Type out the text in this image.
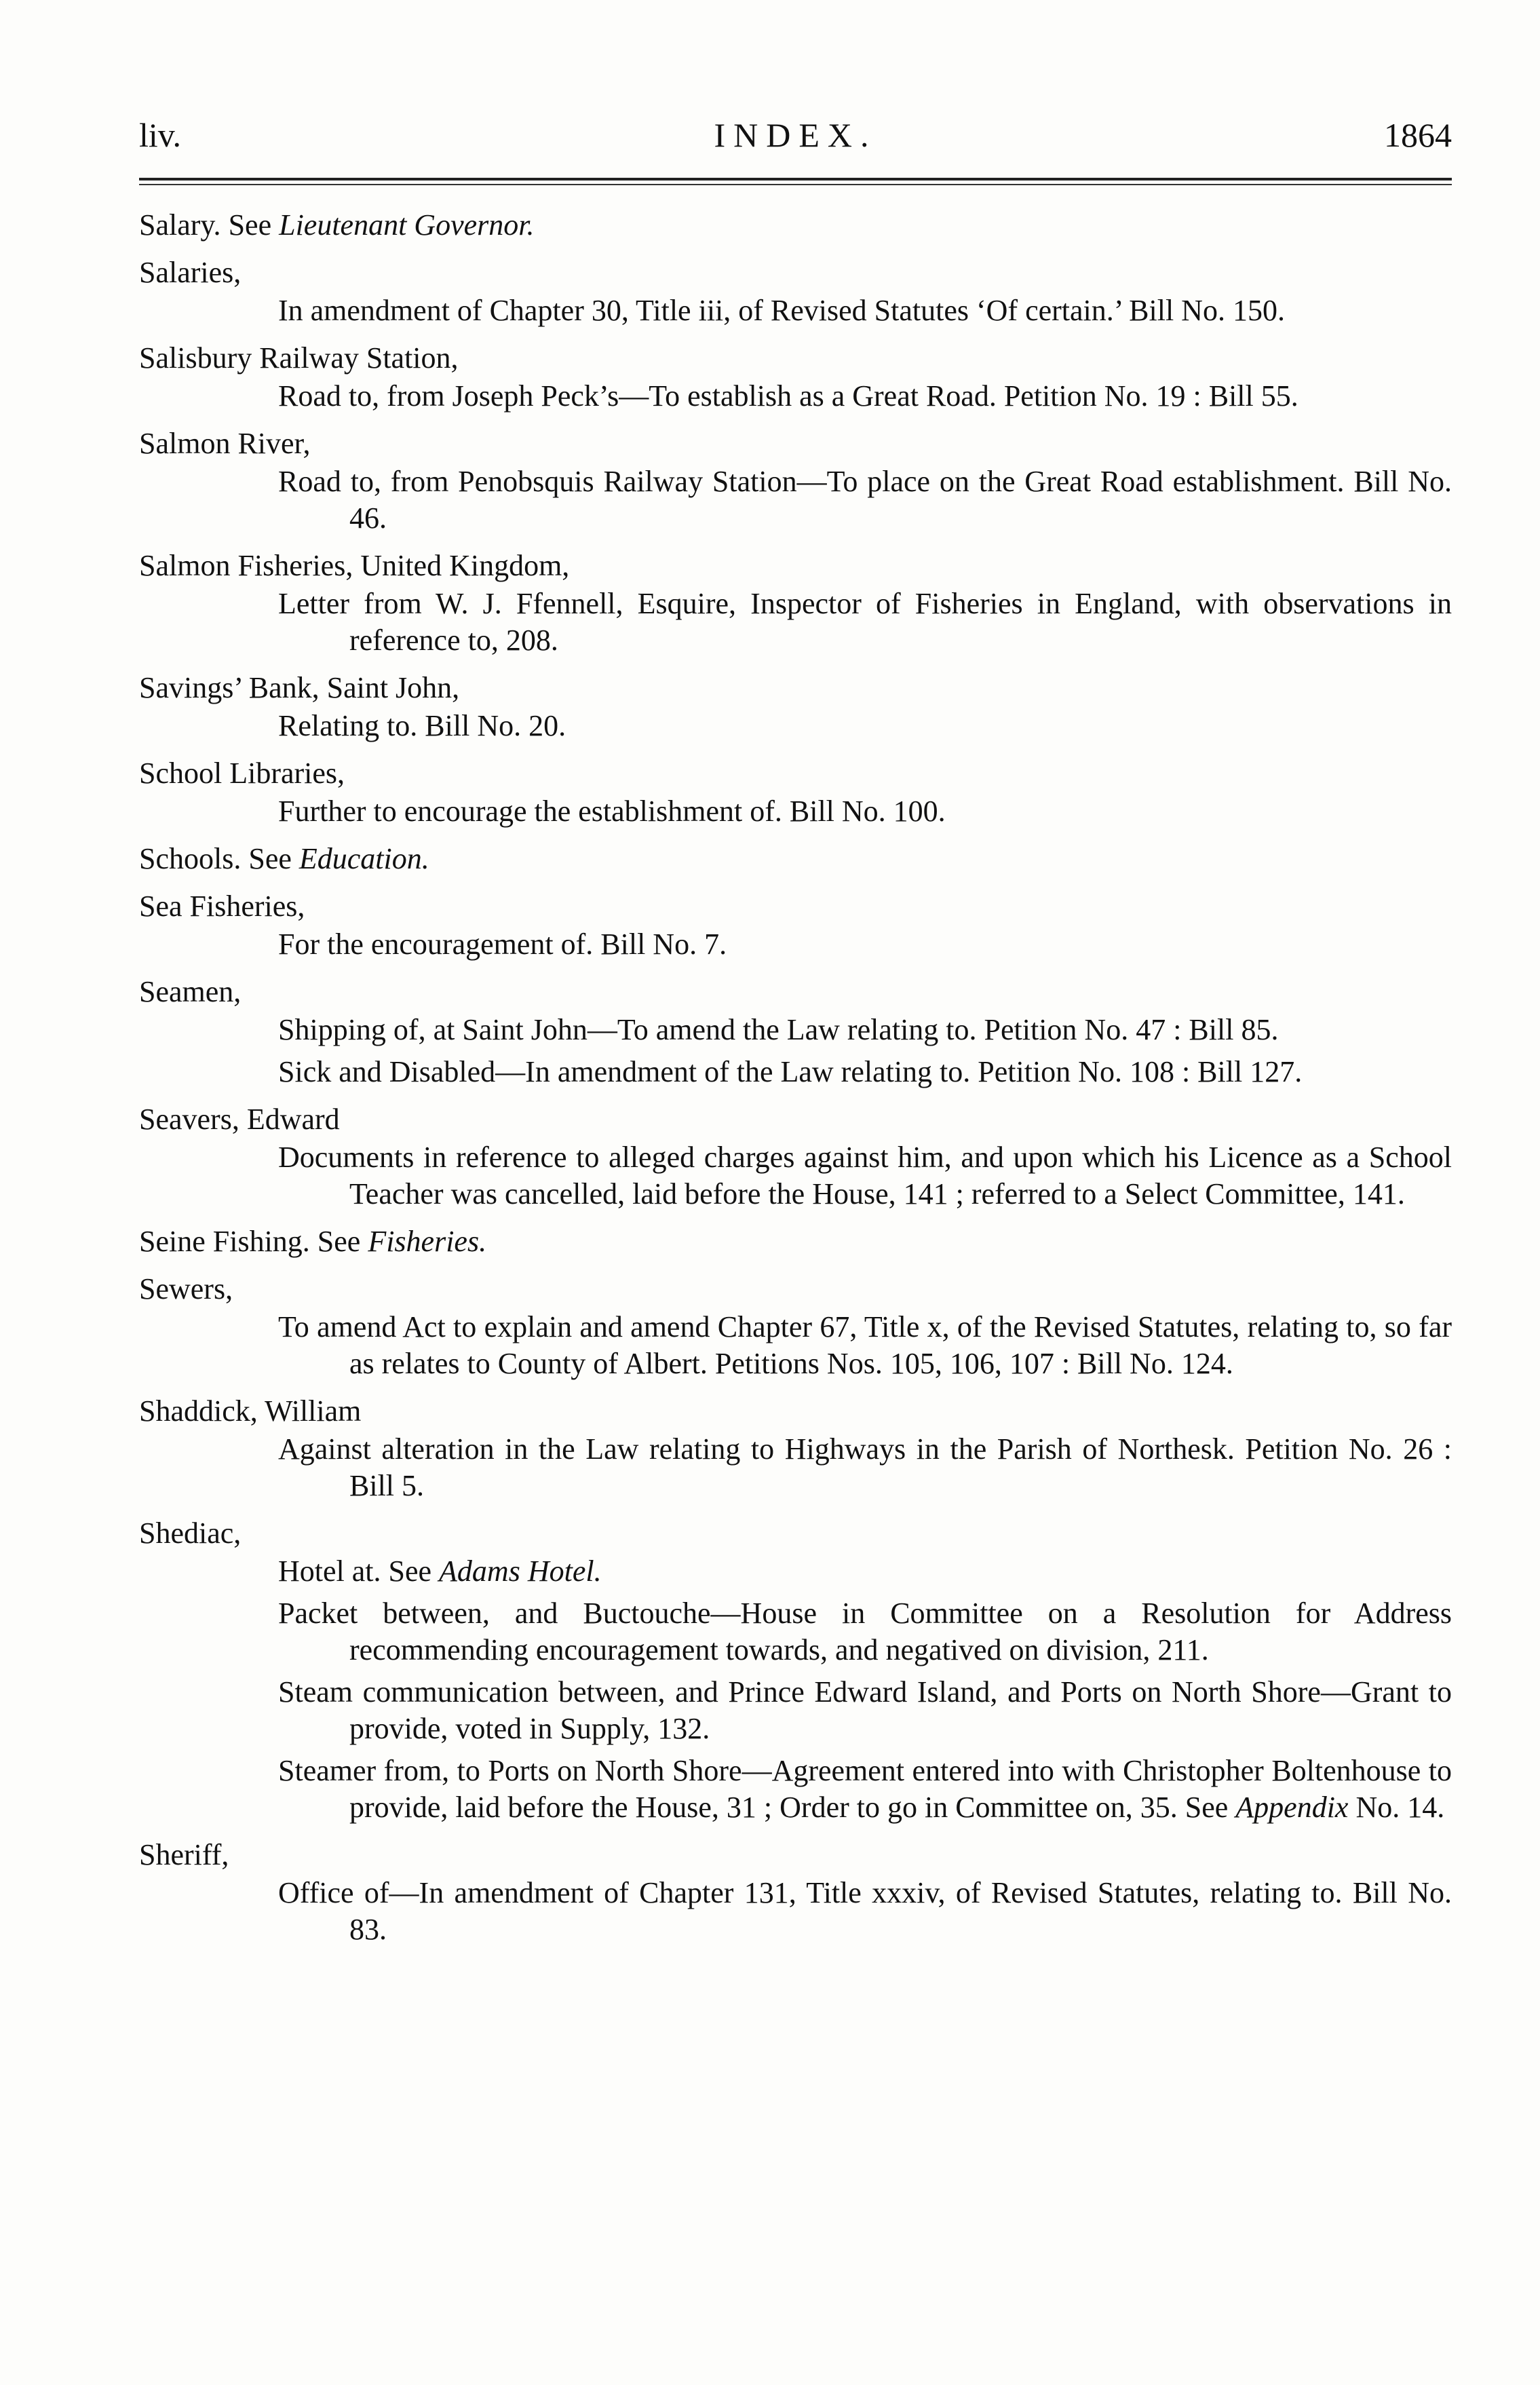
liv.	INDEX.	1864
Salary. See Lieutenant Governor.
Salaries,
In amendment of Chapter 30, Title iii, of Revised Statutes ‘Of certain.’ Bill No. 150.
Salisbury Railway Station,
Road to, from Joseph Peck’s—To establish as a Great Road. Petition No. 19 : Bill 55.
Salmon River,
Road to, from Penobsquis Railway Station—To place on the Great Road establishment. Bill No. 46.
Salmon Fisheries, United Kingdom,
Letter from W. J. Ffennell, Esquire, Inspector of Fisheries in England, with observations in reference to, 208.
Savings’ Bank, Saint John,
Relating to. Bill No. 20.
School Libraries,
Further to encourage the establishment of. Bill No. 100.
Schools. See Education.
Sea Fisheries,
For the encouragement of. Bill No. 7.
Seamen,
Shipping of, at Saint John—To amend the Law relating to. Petition No. 47 : Bill 85.
Sick and Disabled—In amendment of the Law relating to. Petition No. 108 : Bill 127.
Seavers, Edward
Documents in reference to alleged charges against him, and upon which his Licence as a School Teacher was cancelled, laid before the House, 141 ; referred to a Select Committee, 141.
Seine Fishing. See Fisheries.
Sewers,
To amend Act to explain and amend Chapter 67, Title x, of the Revised Statutes, relating to, so far as relates to County of Albert. Petitions Nos. 105, 106, 107 : Bill No. 124.
Shaddick, William
Against alteration in the Law relating to Highways in the Parish of Northesk. Petition No. 26 : Bill 5.
Shediac,
Hotel at. See Adams Hotel.
Packet between, and Buctouche—House in Committee on a Resolution for Address recommending encouragement towards, and negatived on division, 211.
Steam communication between, and Prince Edward Island, and Ports on North Shore—Grant to provide, voted in Supply, 132.
Steamer from, to Ports on North Shore—Agreement entered into with Christopher Boltenhouse to provide, laid before the House, 31 ; Order to go in Committee on, 35. See Appendix No. 14.
Sheriff,
Office of—In amendment of Chapter 131, Title xxxiv, of Revised Statutes, relating to. Bill No. 83.
